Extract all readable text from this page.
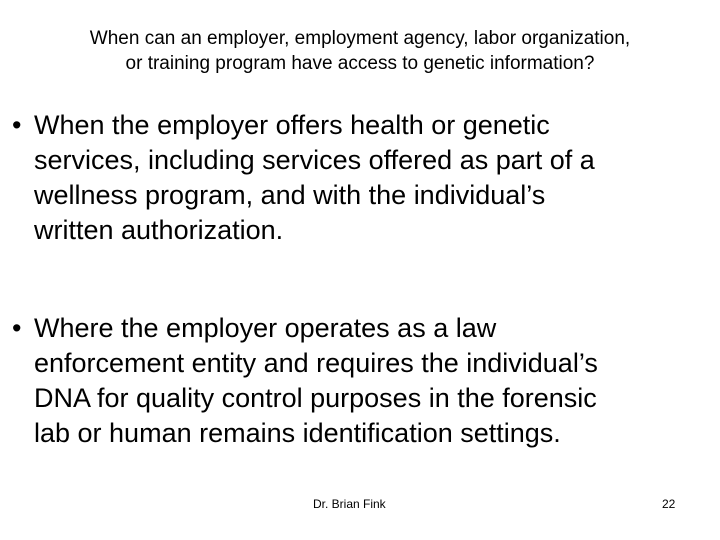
When can an employer, employment agency, labor organization,
or training program have access to genetic information?
• When the employer offers health or genetic
services, including services offered as part of a
wellness program, and with the individual’s
written authorization.
• Where the employer operates as a law
enforcement entity and requires the individual’s
DNA for quality control purposes in the forensic
lab or human remains identification settings.
Dr. Brian Fink	22
